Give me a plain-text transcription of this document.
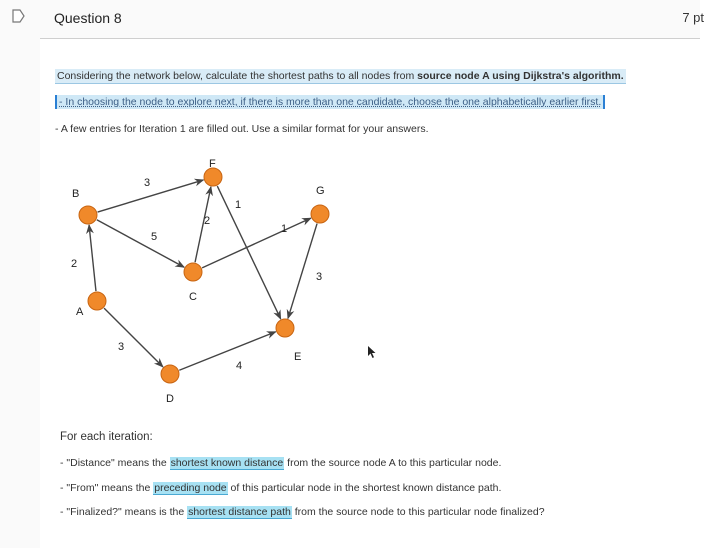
Question 8	7 pt
Considering the network below, calculate the shortest paths to all nodes from source node A using Dijkstra's algorithm.
- In choosing the node to explore next, if there is more than one candidate, choose the one alphabetically earlier first.
- A few entries for Iteration 1 are filled out. Use a similar format for your answers.
3
5
2
2
1
1
3
3
4
A
B
C
D
E
F
G
For each iteration:
- "Distance" means the shortest known distance from the source node A to this particular node.
- "From" means the preceding node of this particular node in the shortest known distance path.
- "Finalized?" means is the shortest distance path from the source node to this particular node finalized?
